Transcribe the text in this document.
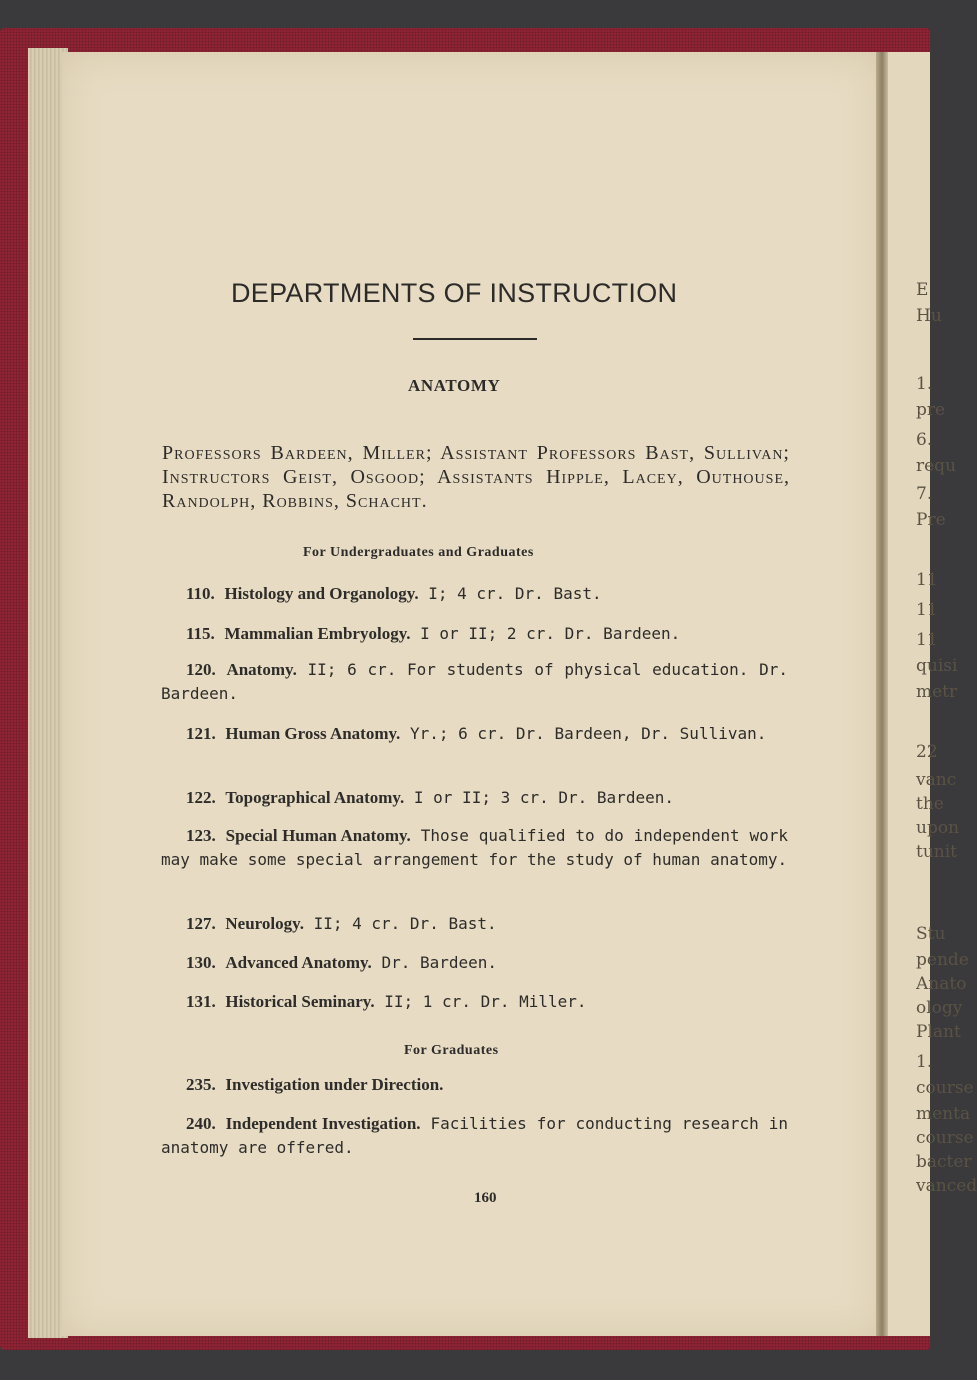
E
Hu
1.
pre
6.
requ
7.
Pre
11
11
11
quisi
metr
22
vanc
the
upon
tunit
Stu
pende
Anato
ology
Plant
1.
course
menta
course
bacter
vanced
DEPARTMENTS OF INSTRUCTION
ANATOMY
Professors Bardeen, Miller; Assistant Professors Bast, Sullivan; Instructors Geist, Osgood; Assistants Hipple, Lacey, Outhouse, Randolph, Robbins, Schacht.
For Undergraduates and Graduates
110. Histology and Organology. I; 4 cr. Dr. Bast.
115. Mammalian Embryology. I or II; 2 cr. Dr. Bardeen.
120. Anatomy. II; 6 cr. For students of physical education. Dr. Bardeen.
121. Human Gross Anatomy. Yr.; 6 cr. Dr. Bardeen, Dr. Sullivan.
122. Topographical Anatomy. I or II; 3 cr. Dr. Bardeen.
123. Special Human Anatomy. Those qualified to do independent work may make some special arrangement for the study of human anatomy.
127. Neurology. II; 4 cr. Dr. Bast.
130. Advanced Anatomy. Dr. Bardeen.
131. Historical Seminary. II; 1 cr. Dr. Miller.
For Graduates
235. Investigation under Direction.
240. Independent Investigation. Facilities for conducting research in anatomy are offered.
160
